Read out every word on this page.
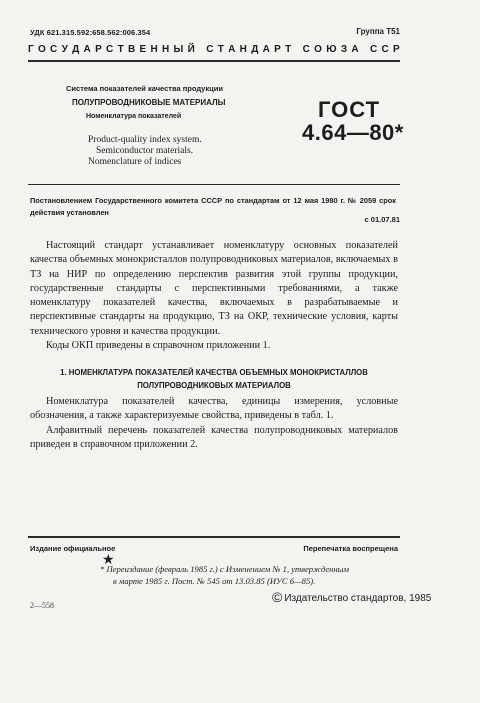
УДК 621.315.592:658.562:006.354	Группа Т51
Г О С У Д А Р С Т В Е Н Н Ы Й
С Т А Н Д А Р Т
С О Ю З А
С С Р
Система показателей качества продукции
ПОЛУПРОВОДНИКОВЫЕ МАТЕРИАЛЫ
Номенклатура показателей
Product-quality index system.
Semiconductor materials.
Nomenclature of indices
ГОСТ
4.64—80*
Постановлением Государственного комитета СССР по стандартам от 12 мая 1980 г. № 2059 срок действия установлен
с 01.07.81
Настоящий стандарт устанавливает номенклатуру основных показателей качества объемных монокристаллов полупроводниковых материалов, включаемых в ТЗ на НИР по определению перспектив развития этой группы продукции, государственные стандарты с перспективными требованиями, а также номенклатуру показателей качества, включаемых в разрабатываемые и перспективные стандарты на продукцию, ТЗ на ОКР, технические условия, карты технического уровня и качества продукции.
Коды ОКП приведены в справочном приложении 1.
1. НОМЕНКЛАТУРА ПОКАЗАТЕЛЕЙ КАЧЕСТВА ОБЪЕМНЫХ МОНОКРИСТАЛЛОВ ПОЛУПРОВОДНИКОВЫХ МАТЕРИАЛОВ
Номенклатура показателей качества, единицы измерения, условные обозначения, а также характеризуемые свойства, приведены в табл. 1.
Алфавитный перечень показателей качества полупроводниковых материалов приведен в справочном приложении 2.
Издание официальное	Перепечатка воспрещена
★
* Переиздание (февраль 1985 г.) с Изменением № 1, утвержденным
в марте 1985 г. Пост. № 545 от 13.03.85 (ИУС 6—85).
© Издательство стандартов, 1985
2—558
